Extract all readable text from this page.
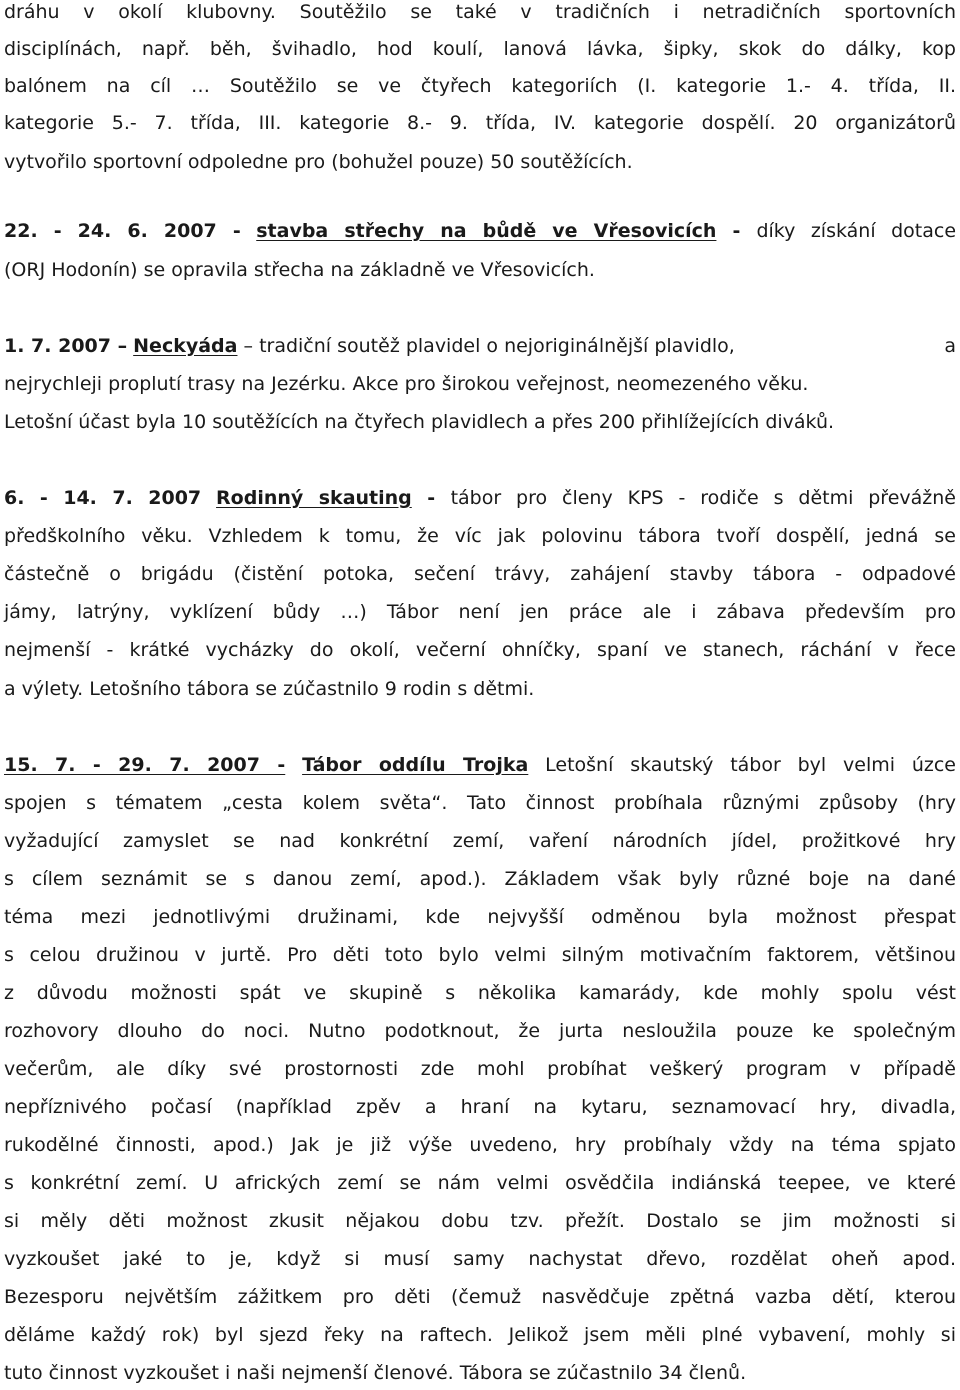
dráhu v okolí klubovny. Soutěžilo se také v tradičních i netradičních sportovních
disciplínách, např. běh, švihadlo, hod koulí, lanová lávka, šipky, skok do dálky, kop
balónem na cíl … Soutěžilo se ve čtyřech kategoriích (I. kategorie 1.- 4. třída, II.
kategorie 5.- 7. třída, III. kategorie 8.- 9. třída, IV. kategorie dospělí. 20 organizátorů
vytvořilo sportovní odpoledne pro (bohužel pouze) 50 soutěžících.
22. - 24. 6. 2007 - stavba střechy na bůdě ve Vřesovicích - díky získání dotace
(ORJ Hodonín) se opravila střecha na základně ve Vřesovicích.
1. 7. 2007 – Neckyáda – tradiční soutěž plavidel o nejoriginálnější plavidlo,	a
nejrychleji proplutí trasy na Jezérku. Akce pro širokou veřejnost, neomezeného věku.
Letošní účast byla 10 soutěžících na čtyřech plavidlech a přes 200 přihlížejících diváků.
6. - 14. 7. 2007 Rodinný skauting - tábor pro členy KPS - rodiče s dětmi převážně
předškolního věku. Vzhledem k tomu, že víc jak polovinu tábora tvoří dospělí, jedná se
částečně o brigádu (čistění potoka, sečení trávy, zahájení stavby tábora - odpadové
jámy, latrýny, vyklízení bůdy …) Tábor není jen práce ale i zábava především pro
nejmenší - krátké vycházky do okolí, večerní ohníčky, spaní ve stanech, ráchání v řece
a výlety. Letošního tábora se zúčastnilo 9 rodin s dětmi.
15. 7. - 29. 7. 2007 - Tábor oddílu Trojka Letošní skautský tábor byl velmi úzce
spojen s tématem „cesta kolem světa“. Tato činnost probíhala různými způsoby (hry
vyžadující zamyslet se nad konkrétní zemí, vaření národních jídel, prožitkové hry
s cílem seznámit se s danou zemí, apod.). Základem však byly různé boje na dané
téma mezi jednotlivými družinami, kde nejvyšší odměnou byla možnost přespat
s celou družinou v jurtě. Pro děti toto bylo velmi silným motivačním faktorem, většinou
z důvodu možnosti spát ve skupině s několika kamarády, kde mohly spolu vést
rozhovory dlouho do noci. Nutno podotknout, že jurta nesloužila pouze ke společným
večerům, ale díky své prostornosti zde mohl probíhat veškerý program v případě
nepříznivého počasí (například zpěv a hraní na kytaru, seznamovací hry, divadla,
rukodělné činnosti, apod.) Jak je již výše uvedeno, hry probíhaly vždy na téma spjato
s konkrétní zemí. U afrických zemí se nám velmi osvědčila indiánská teepee, ve které
si měly děti možnost zkusit nějakou dobu tzv. přežít. Dostalo se jim možnosti si
vyzkoušet jaké to je, když si musí samy nachystat dřevo, rozdělat oheň apod.
Bezesporu největším zážitkem pro děti (čemuž nasvědčuje zpětná vazba dětí, kterou
děláme každý rok) byl sjezd řeky na raftech. Jelikož jsem měli plné vybavení, mohly si
tuto činnost vyzkoušet i naši nejmenší členové. Tábora se zúčastnilo 34 členů.
